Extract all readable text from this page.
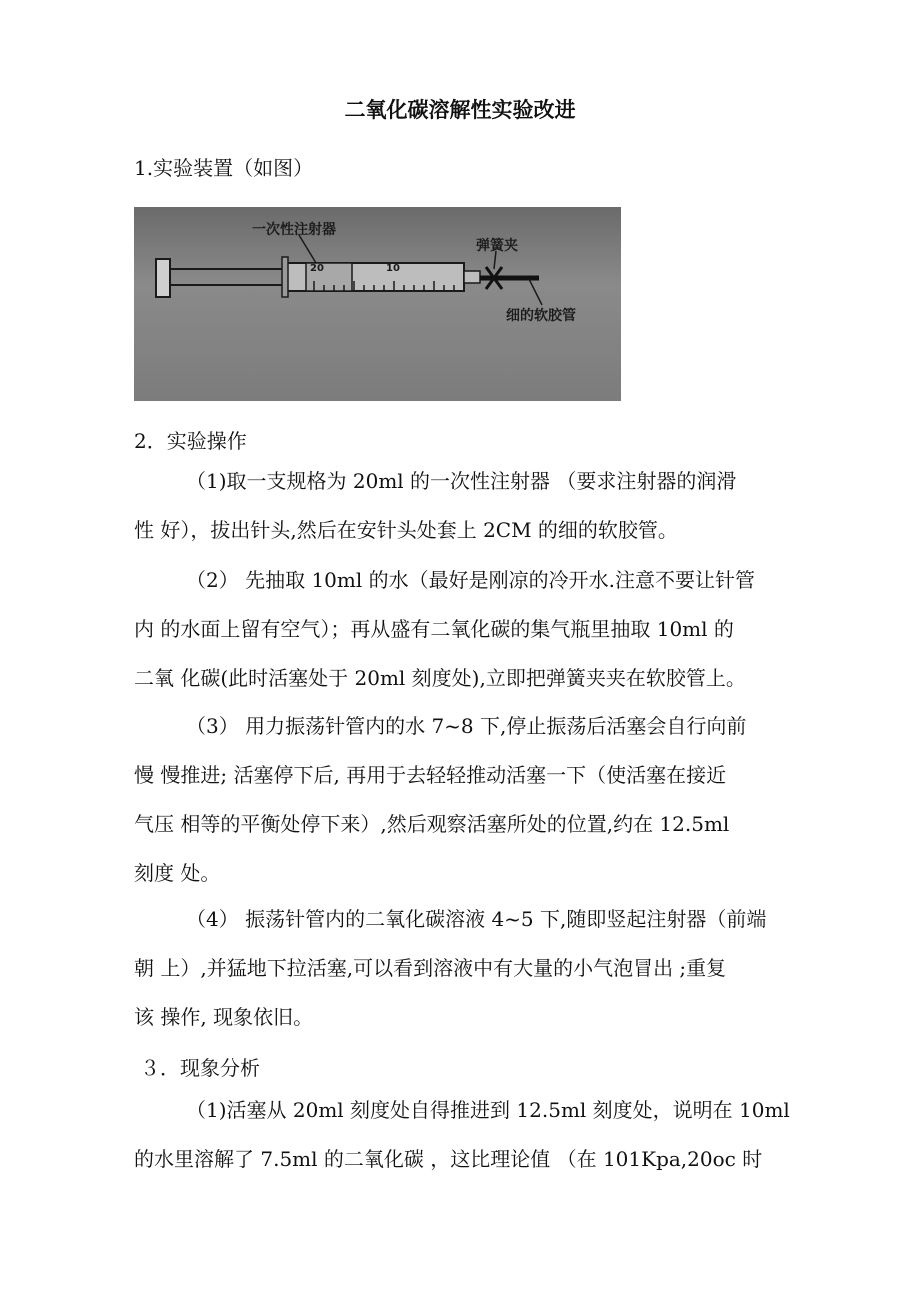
二氧化碳溶解性实验改进
1.实验装置（如图）
一次性注射器
弹簧夹
细的软胶管
20	10
2．实验操作
（1)取一支规格为 20ml 的一次性注射器 （要求注射器的润滑
性 好），拔出针头,然后在安针头处套上 2CM 的细的软胶管。
（2） 先抽取 10ml 的水（最好是刚凉的冷开水.注意不要让针管
内 的水面上留有空气）；再从盛有二氧化碳的集气瓶里抽取 10ml 的
二氧 化碳(此时活塞处于 20ml 刻度处),立即把弹簧夹夹在软胶管上。
（3） 用力振荡针管内的水 7~8 下,停止振荡后活塞会自行向前
慢 慢推进; 活塞停下后, 再用于去轻轻推动活塞一下（使活塞在接近
气压 相等的平衡处停下来）,然后观察活塞所处的位置,约在 12.5ml
刻度 处。
（4） 振荡针管内的二氧化碳溶液 4~5 下,随即竖起注射器（前端
朝 上）,并猛地下拉活塞,可以看到溶液中有大量的小气泡冒出 ;重复
该 操作, 现象依旧。
３．现象分析
（1)活塞从 20ml 刻度处自得推进到 12.5ml 刻度处，说明在 10ml
的水里溶解了 7.5ml 的二氧化碳 ，这比理论值 （在 101Kpa,20oc 时
